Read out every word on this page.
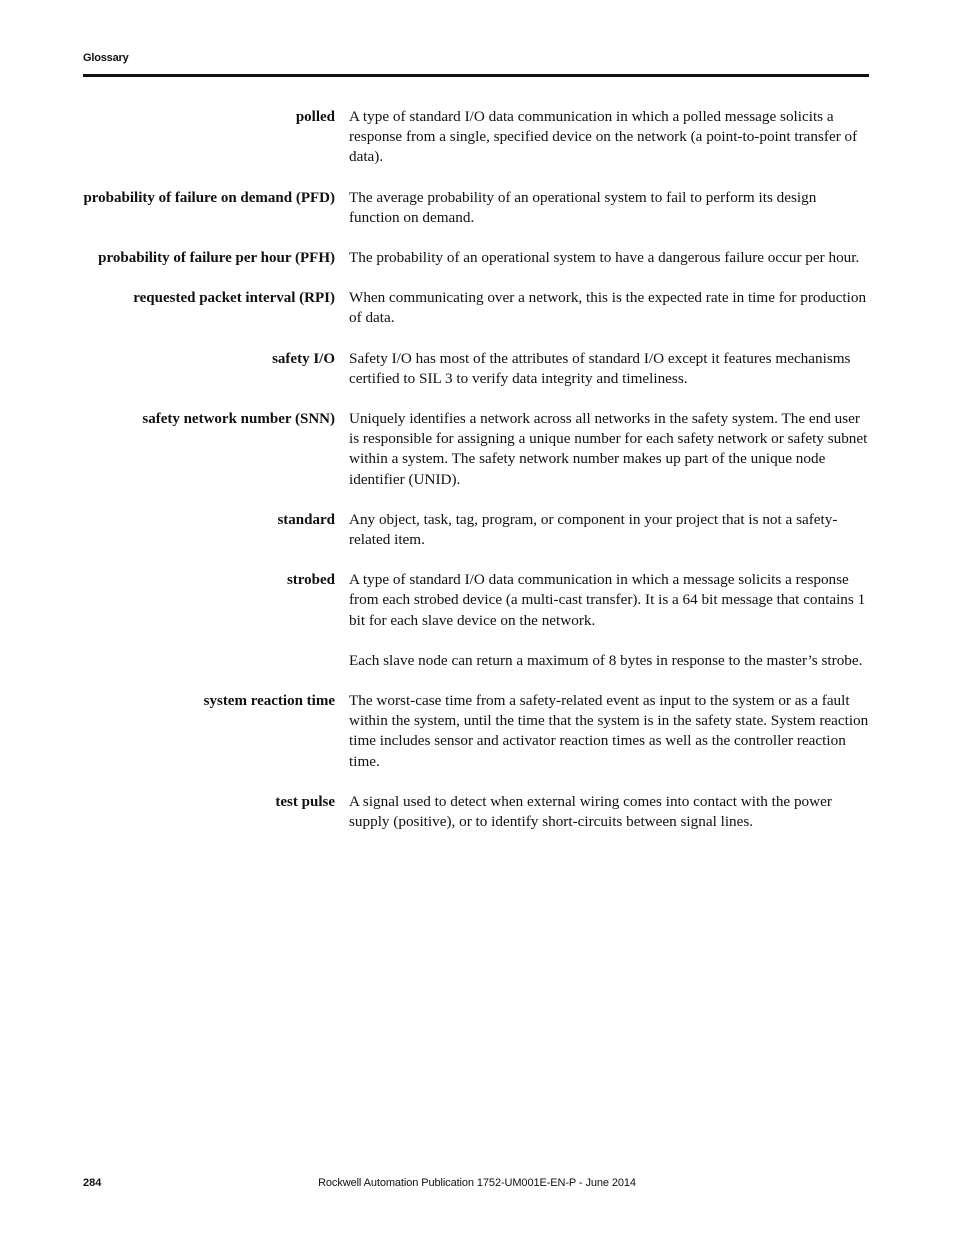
Glossary
polled A type of standard I/O data communication in which a polled message solicits a response from a single, specified device on the network (a point-to-point transfer of data).

probability of failure on demand (PFD) The average probability of an operational system to fail to perform its design function on demand.

probability of failure per hour (PFH) The probability of an operational system to have a dangerous failure occur per hour.

requested packet interval (RPI) When communicating over a network, this is the expected rate in time for production of data.

safety I/O Safety I/O has most of the attributes of standard I/O except it features mechanisms certified to SIL 3 to verify data integrity and timeliness.

safety network number (SNN) Uniquely identifies a network across all networks in the safety system. The end user is responsible for assigning a unique number for each safety network or safety subnet within a system. The safety network number makes up part of the unique node identifier (UNID).

standard Any object, task, tag, program, or component in your project that is not a safety-related item.

strobed A type of standard I/O data communication in which a message solicits a response from each strobed device (a multi-cast transfer). It is a 64 bit message that contains 1 bit for each slave device on the network.

Each slave node can return a maximum of 8 bytes in response to the master’s strobe.

system reaction time The worst-case time from a safety-related event as input to the system or as a fault within the system, until the time that the system is in the safety state. System reaction time includes sensor and activator reaction times as well as the controller reaction time.

test pulse A signal used to detect when external wiring comes into contact with the power supply (positive), or to identify short-circuits between signal lines.

284	Rockwell Automation Publication 1752-UM001E-EN-P - June 2014
